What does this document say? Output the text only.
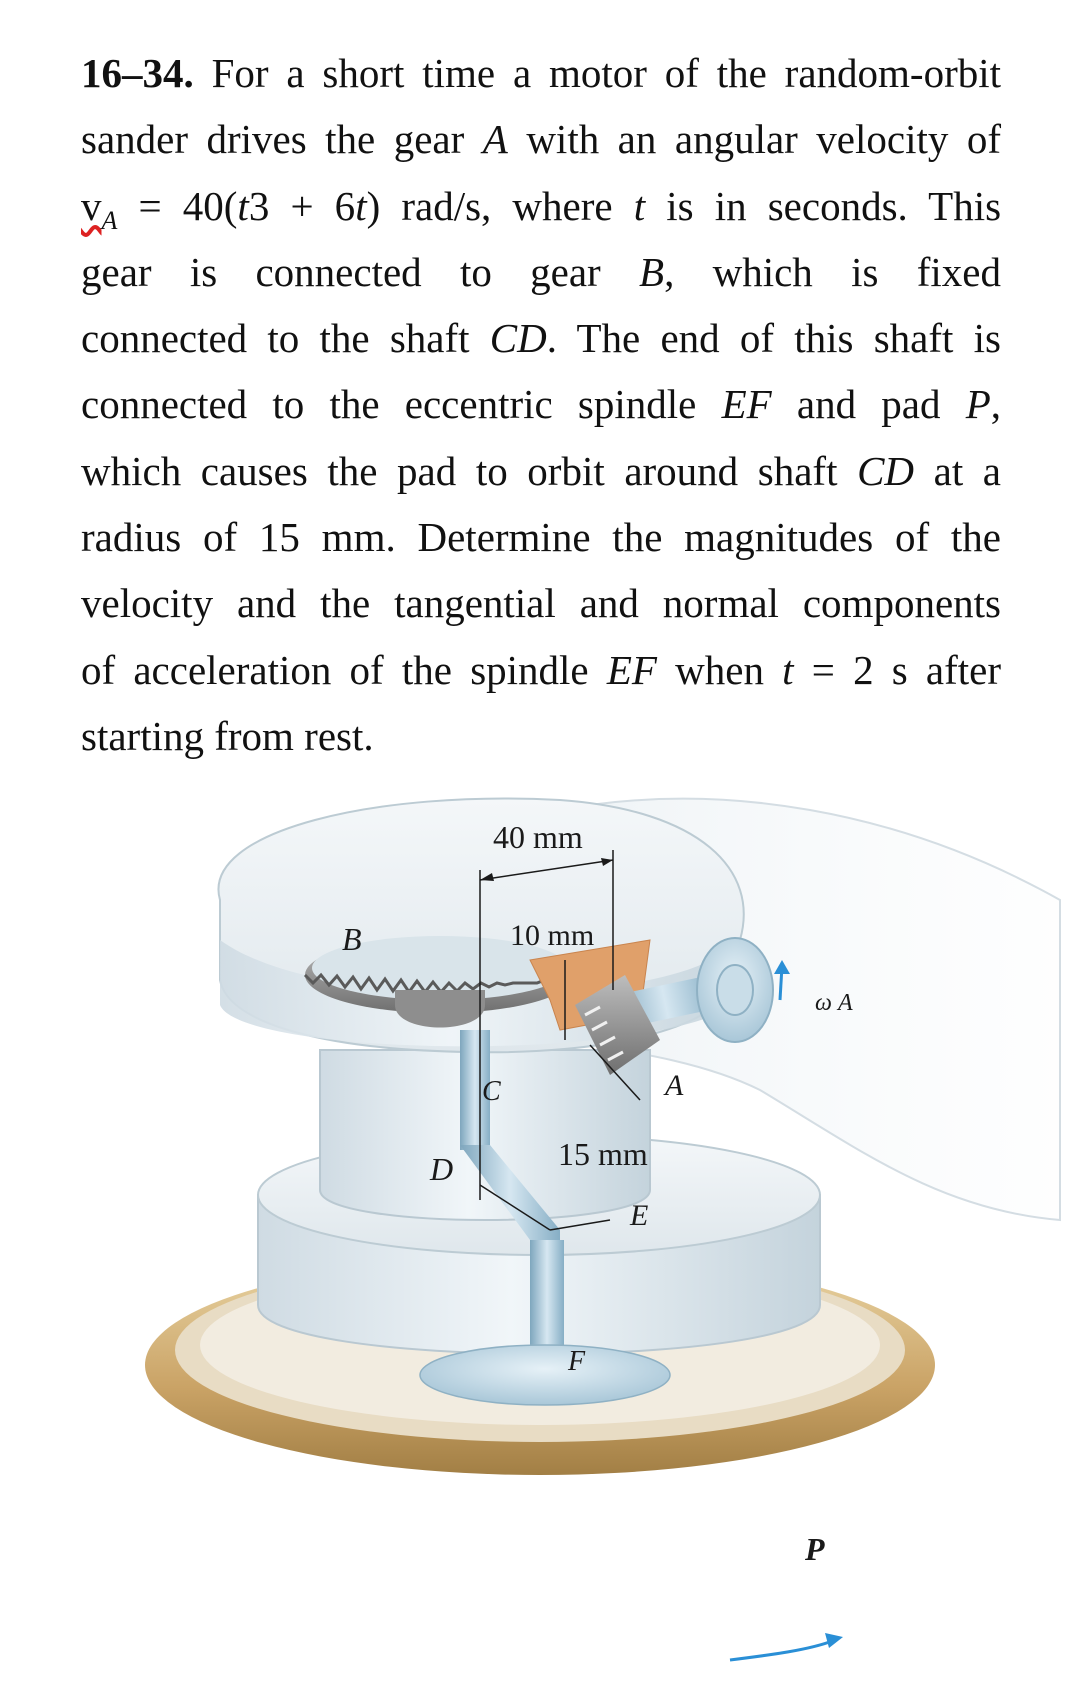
16–34. For a short time a motor of the random-orbit
sander drives the gear A with an angular velocity of
$v_A = 40(t3 + 6t)$ rad/s, where t is in seconds. This
gear is connected to gear B, which is fixed
connected to the shaft CD. The end of this shaft is
connected to the eccentric spindle EF and pad P,
which causes the pad to orbit around shaft CD at a
radius of 15 mm. Determine the magnitudes of the
velocity and the tangential and normal components
of acceleration of the spindle EF when t = 2 s after
starting from rest.
40 mm
10 mm
B
C
D
A
15 mm
E
F
P
ω A
